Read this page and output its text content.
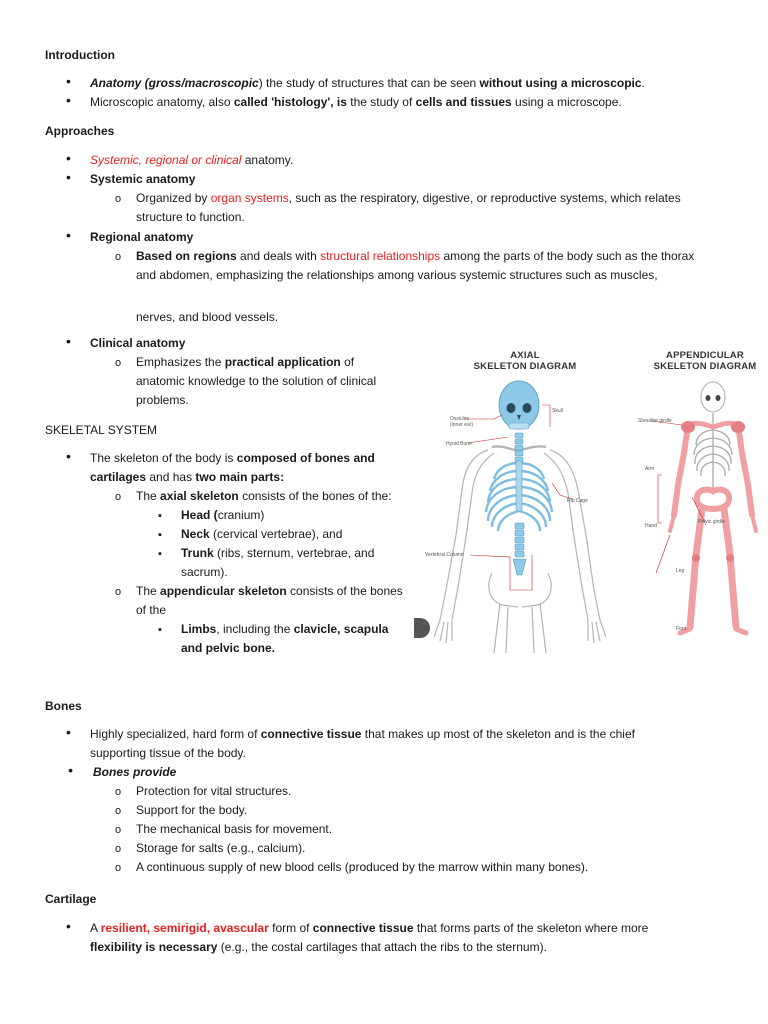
Introduction
•
Anatomy (gross/macroscopic) the study of structures that can be seen without using a microscopic.
•
Microscopic anatomy, also called 'histology', is the study of cells and tissues using a microscope.
Approaches
•
Systemic, regional or clinical anatomy.
•
Systemic anatomy
o
Organized by organ systems, such as the respiratory, digestive, or reproductive systems, which relates
structure to function.
•
Regional anatomy
o
Based on regions and deals with structural relationships among the parts of the body such as the thorax
and abdomen, emphasizing the relationships among various systemic structures such as muscles,
nerves, and blood vessels.
•
Clinical anatomy
o
Emphasizes the practical application of
anatomic knowledge to the solution of clinical
problems.
SKELETAL SYSTEM
•
The skeleton of the body is composed of bones and
cartilages and has two main parts:
o
The axial skeleton consists of the bones of the:
▪
Head (cranium)
▪
Neck (cervical vertebrae), and
▪
Trunk (ribs, sternum, vertebrae, and
sacrum).
o
The appendicular skeleton consists of the bones
of the
▪
Limbs, including the clavicle, scapula
and pelvic bone.
AXIAL
SKELETON DIAGRAM
Skull
Ossicles
(inner ear)
Hyoid Bone
Rib Cage
Vertebral Column
APPENDICULAR
SKELETON DIAGRAM
Shoulder girdle
Arm
Hand
Pelvic girdle
Leg
Foot
Bones
•
Highly specialized, hard form of connective tissue that makes up most of the skeleton and is the chief
supporting tissue of the body.
•
Bones provide
o
Protection for vital structures.
o
Support for the body.
o
The mechanical basis for movement.
o
Storage for salts (e.g., calcium).
o
A continuous supply of new blood cells (produced by the marrow within many bones).
Cartilage
•
A resilient, semirigid, avascular form of connective tissue that forms parts of the skeleton where more
flexibility is necessary (e.g., the costal cartilages that attach the ribs to the sternum).
